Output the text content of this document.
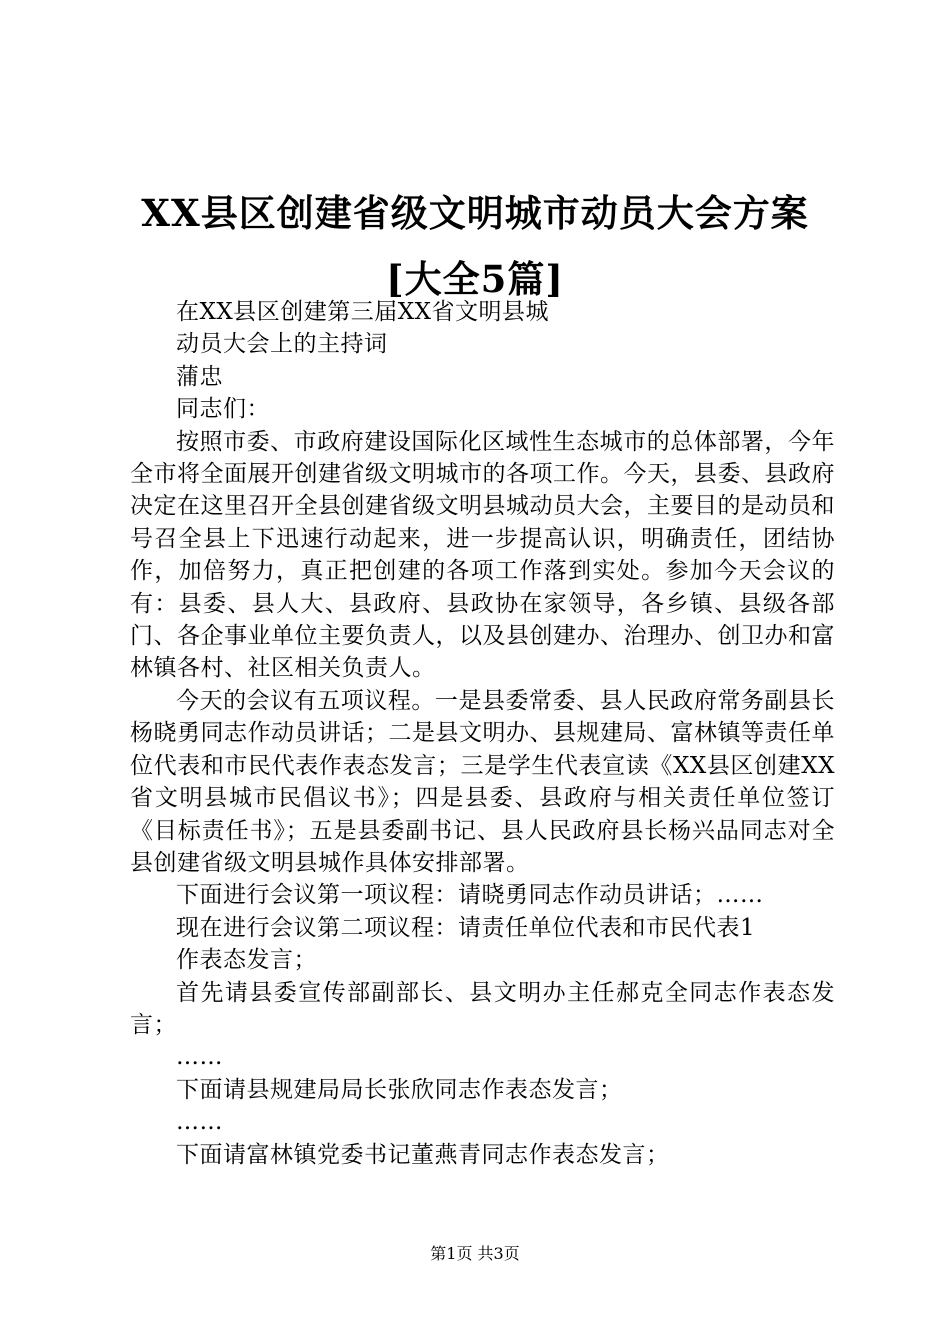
XX县区创建省级文明城市动员大会方案[大全5篇]

在XX县区创建第三届XX省文明县城

动员大会上的主持词

蒲忠

同志们：

按照市委、市政府建设国际化区域性生态城市的总体部署，今年全市将全面展开创建省级文明城市的各项工作。今天，县委、县政府决定在这里召开全县创建省级文明县城动员大会，主要目的是动员和号召全县上下迅速行动起来，进一步提高认识，明确责任，团结协作，加倍努力，真正把创建的各项工作落到实处。参加今天会议的有：县委、县人大、县政府、县政协在家领导，各乡镇、县级各部门、各企事业单位主要负责人，以及县创建办、治理办、创卫办和富林镇各村、社区相关负责人。

今天的会议有五项议程。一是县委常委、县人民政府常务副县长杨晓勇同志作动员讲话；二是县文明办、县规建局、富林镇等责任单位代表和市民代表作表态发言；三是学生代表宣读《XX县区创建XX省文明县城市民倡议书》；四是县委、县政府与相关责任单位签订《目标责任书》；五是县委副书记、县人民政府县长杨兴品同志对全县创建省级文明县城作具体安排部署。

下面进行会议第一项议程：请晓勇同志作动员讲话；……

现在进行会议第二项议程：请责任单位代表和市民代表1

作表态发言；

首先请县委宣传部副部长、县文明办主任郝克全同志作表态发言；

……

下面请县规建局局长张欣同志作表态发言；

……

下面请富林镇党委书记董燕青同志作表态发言；

第1页 共3页
